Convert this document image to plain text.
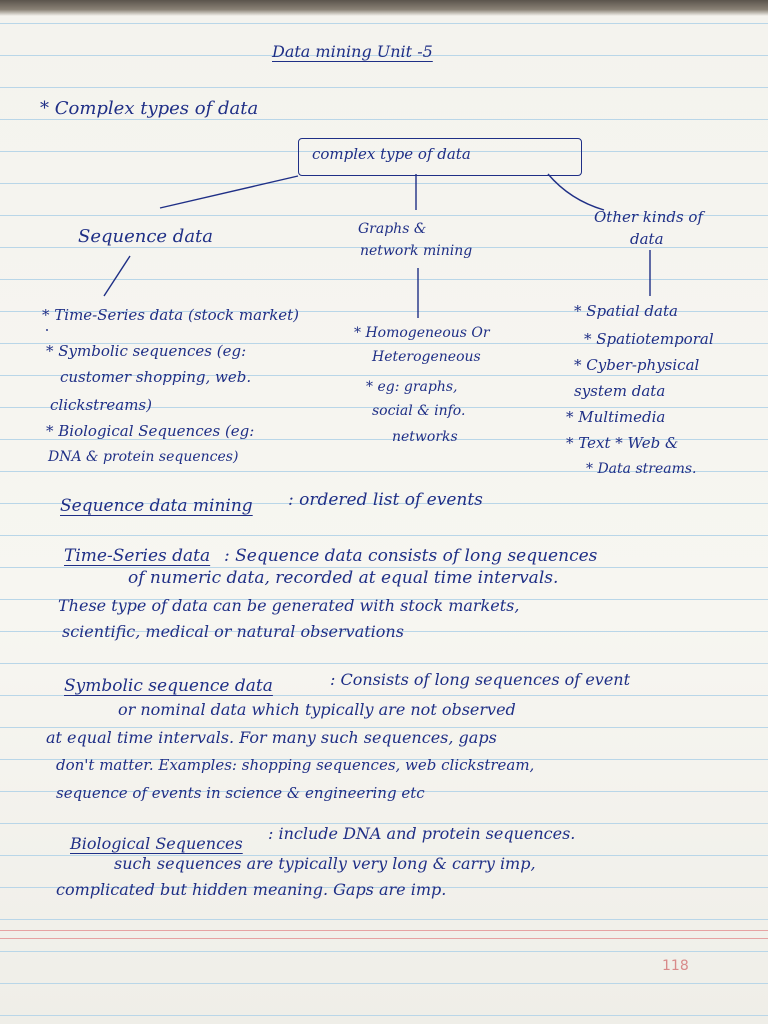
Data mining Unit -5
* Complex types of data
complex type of data
Sequence data	Graphs &
network mining
Other kinds of
data
* Time-Series data (stock market)
* Symbolic sequences (eg:
customer shopping, web.
clickstreams)
* Biological Sequences (eg:
DNA & protein sequences)
* Homogeneous Or
Heterogeneous
* eg: graphs,
social & info.
networks
* Spatial data
* Spatiotemporal
* Cyber-physical
system data
* Multimedia
* Text * Web &
* Data streams.
Sequence data mining : ordered list of events
Time-Series data : Sequence data consists of long sequences
of numeric data, recorded at equal time intervals.
These type of data can be generated with stock markets,
scientific, medical or natural observations
Symbolic sequence data	: Consists of long sequences of event
or nominal data which typically are not observed
at equal time intervals. For many such sequences, gaps
don't matter. Examples: shopping sequences, web clickstream,
sequence of events in science & engineering etc
Biological Sequences
: include DNA and protein sequences.
such sequences are typically very long & carry imp,
complicated but hidden meaning. Gaps are imp.
118
